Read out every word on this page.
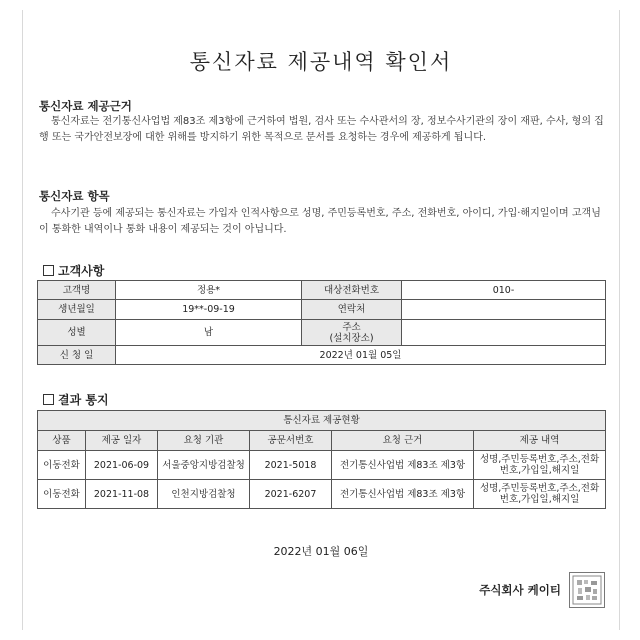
통신자료 제공내역 확인서
통신자료 제공근거
통신자료는 전기통신사업법 제83조 제3항에 근거하여 법원, 검사 또는 수사관서의 장, 정보수사기관의 장이 재판, 수사, 형의 집행 또는 국가안전보장에 대한 위해를 방지하기 위한 목적으로 문서를 요청하는 경우에 제공하게 됩니다.
통신자료 항목
수사기관 등에 제공되는 통신자료는 가입자 인적사항으로 성명, 주민등록번호, 주소, 전화번호, 아이디, 가입·해지일이며 고객님이 통화한 내역이나 통화 내용이 제공되는 것이 아닙니다.
고객사항
고객명	정용*	대상전화번호	010-
생년월일	19**-09-19	연락처	
성별	남	주소
(설치장소)	
신 청 일	2022년 01월 05일		
결과 통지
통신자료 제공현황					
상품	제공 일자	요청 기관	공문서번호	요청 근거	제공 내역
이동전화	2021-06-09	서울중앙지방검찰청	2021-5018	전기통신사업법 제83조 제3항	성명,주민등록번호,주소,전화번호,가입일,해지일
이동전화	2021-11-08	인천지방검찰청	2021-6207	전기통신사업법 제83조 제3항	성명,주민등록번호,주소,전화번호,가입일,해지일
2022년 01월 06일
주식회사 케이티
